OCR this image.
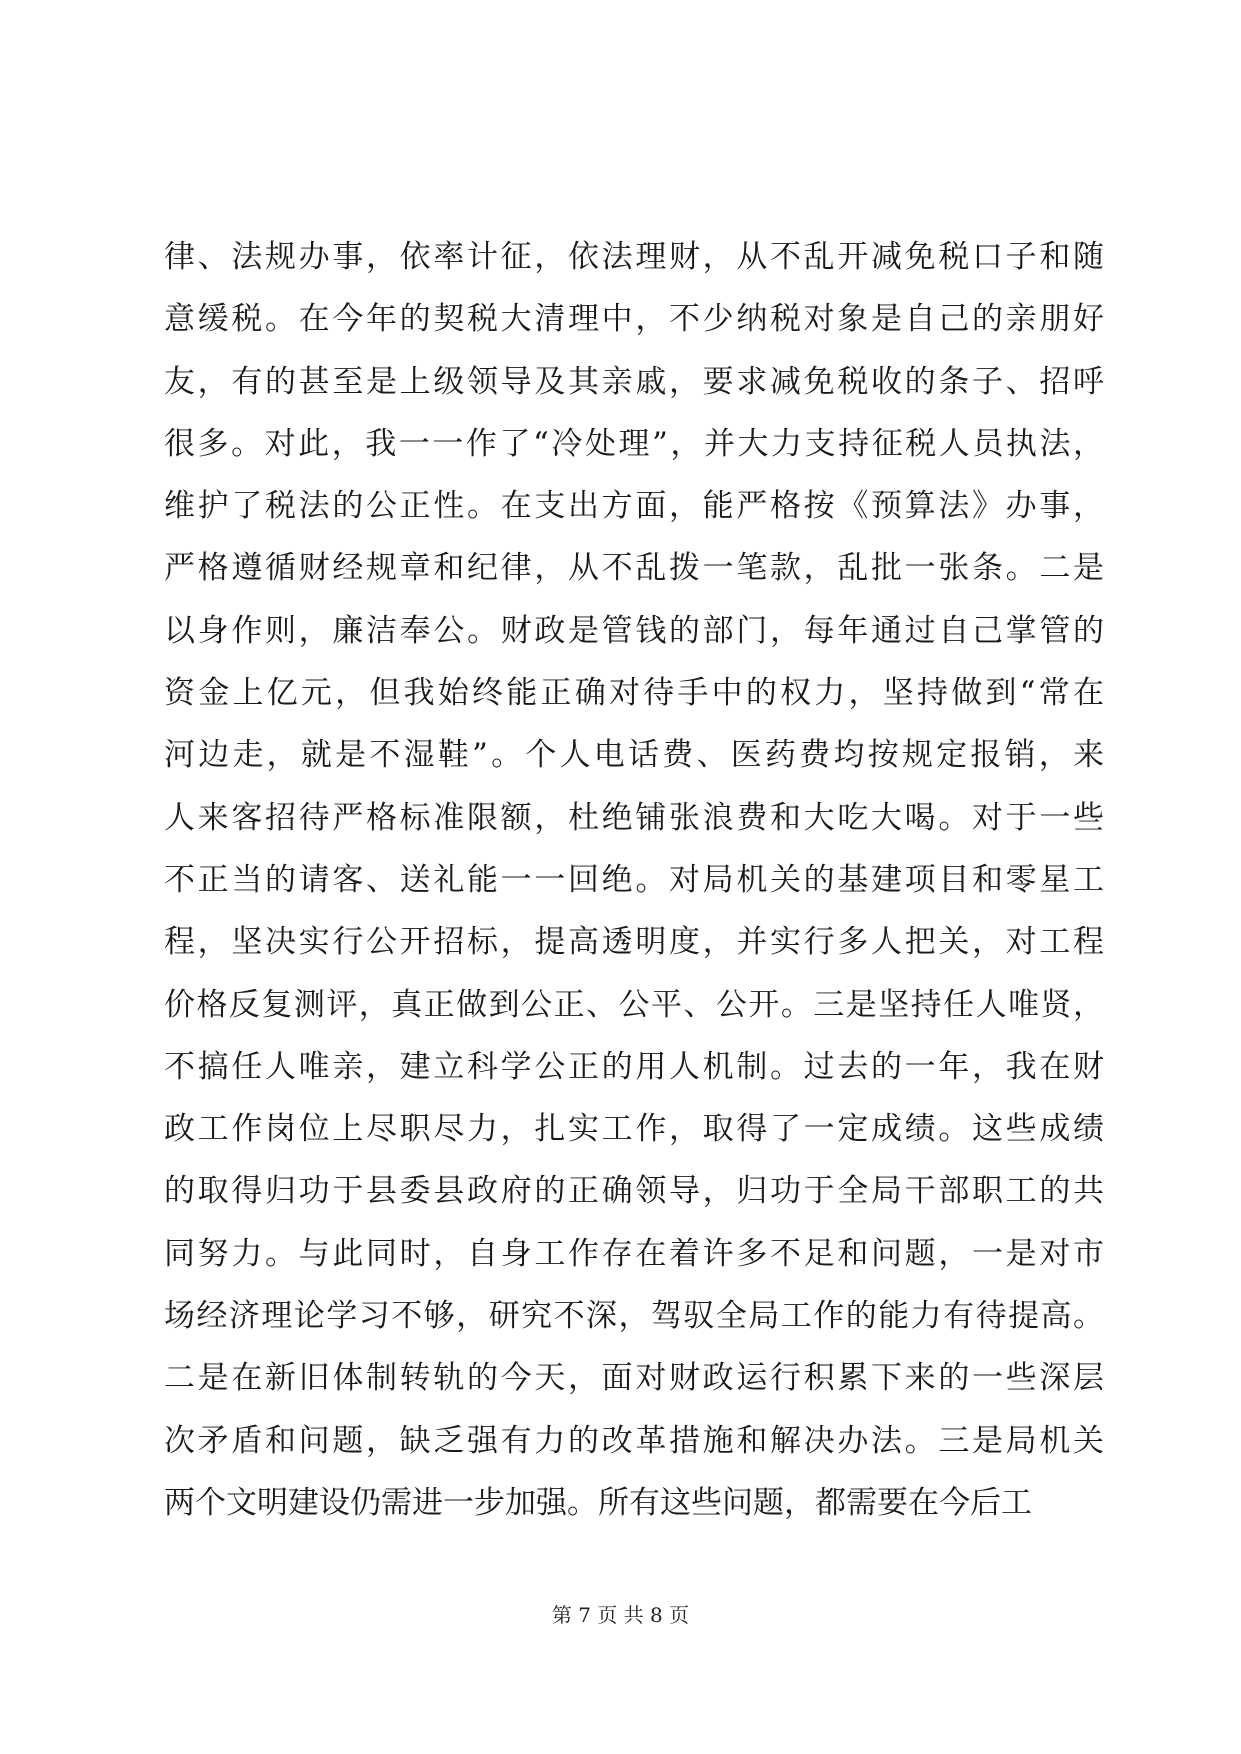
律、法规办事，依率计征，依法理财，从不乱开减免税口子和随
意缓税。在今年的契税大清理中，不少纳税对象是自己的亲朋好
友，有的甚至是上级领导及其亲戚，要求减免税收的条子、招呼
很多。对此，我一一作了“冷处理”，并大力支持征税人员执法，
维护了税法的公正性。在支出方面，能严格按《预算法》办事，
严格遵循财经规章和纪律，从不乱拨一笔款，乱批一张条。二是
以身作则，廉洁奉公。财政是管钱的部门，每年通过自己掌管的
资金上亿元，但我始终能正确对待手中的权力，坚持做到“常在
河边走，就是不湿鞋”。个人电话费、医药费均按规定报销，来
人来客招待严格标准限额，杜绝铺张浪费和大吃大喝。对于一些
不正当的请客、送礼能一一回绝。对局机关的基建项目和零星工
程，坚决实行公开招标，提高透明度，并实行多人把关，对工程
价格反复测评，真正做到公正、公平、公开。三是坚持任人唯贤，
不搞任人唯亲，建立科学公正的用人机制。过去的一年，我在财
政工作岗位上尽职尽力，扎实工作，取得了一定成绩。这些成绩
的取得归功于县委县政府的正确领导，归功于全局干部职工的共
同努力。与此同时，自身工作存在着许多不足和问题，一是对市
场经济理论学习不够，研究不深，驾驭全局工作的能力有待提高。
二是在新旧体制转轨的今天，面对财政运行积累下来的一些深层
次矛盾和问题，缺乏强有力的改革措施和解决办法。三是局机关
两个文明建设仍需进一步加强。所有这些问题，都需要在今后工
第 7 页 共 8 页
